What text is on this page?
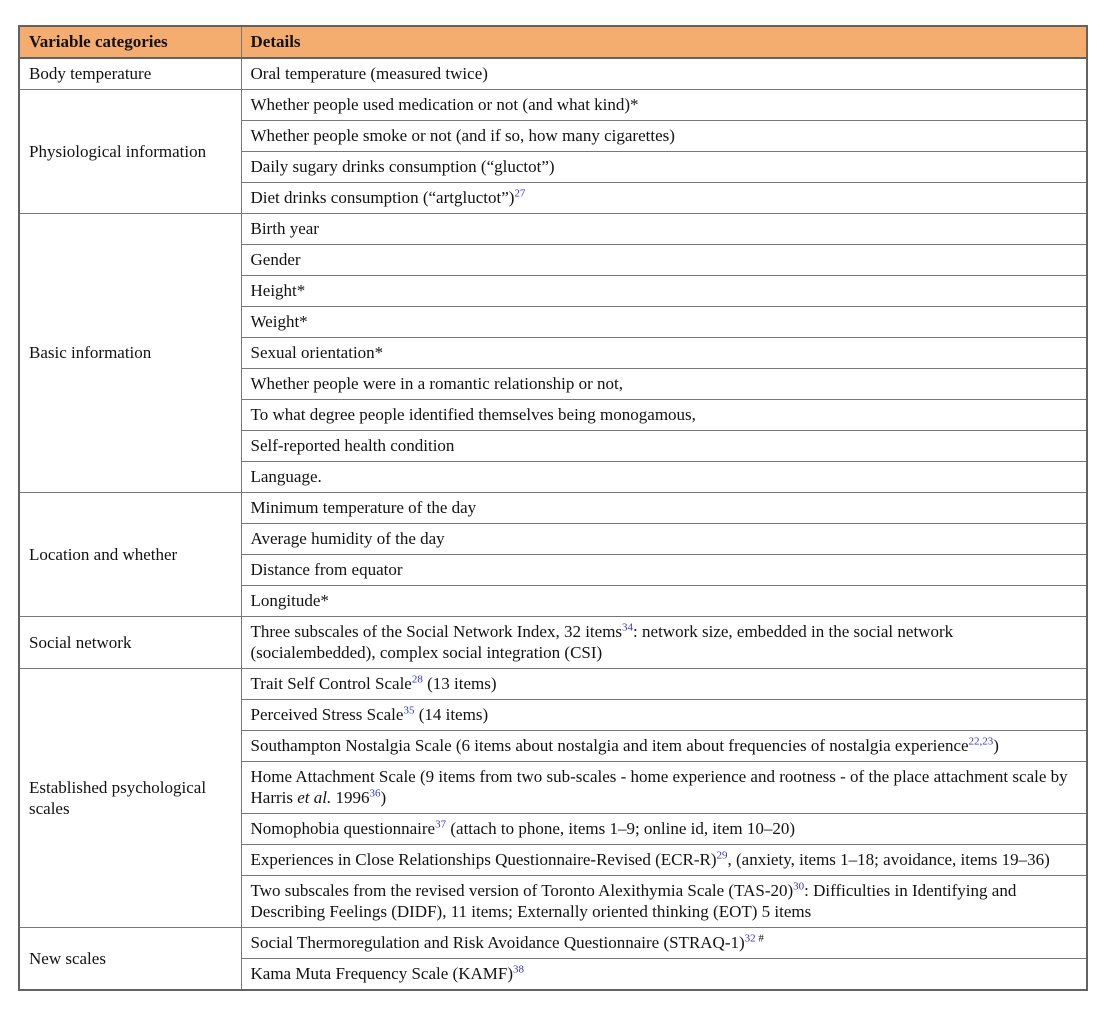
Variable categories	Details
Body temperature	Oral temperature (measured twice)
Physiological information	Whether people used medication or not (and what kind)*
	Whether people smoke or not (and if so, how many cigarettes)
	Daily sugary drinks consumption (“gluctot”)
	Diet drinks consumption (“artgluctot”)$^{27}$
Basic information	Birth year
	Gender
	Height*
	Weight*
	Sexual orientation*
	Whether people were in a romantic relationship or not,
	To what degree people identified themselves being monogamous,
	Self-reported health condition
	Language.
Location and whether	Minimum temperature of the day
	Average humidity of the day
	Distance from equator
	Longitude*
Social network	Three subscales of the Social Network Index, 32 items$^{34}$: network size, embedded in the social network (socialembedded), complex social integration (CSI)
Established psychological scales	Trait Self Control Scale$^{28}$ (13 items)
	Perceived Stress Scale$^{35}$ (14 items)
	Southampton Nostalgia Scale (6 items about nostalgia and item about frequencies of nostalgia experience$^{22,23}$)
	Home Attachment Scale (9 items from two sub-scales - home experience and rootness - of the place attachment scale by Harris et al. 1996$^{36}$)
	Nomophobia questionnaire$^{37}$ (attach to phone, items 1–9; online id, item 10–20)
	Experiences in Close Relationships Questionnaire-Revised (ECR-R)$^{29}$, (anxiety, items 1–18; avoidance, items 19–36)
	Two subscales from the revised version of Toronto Alexithymia Scale (TAS-20)$^{30}$: Difficulties in Identifying and Describing Feelings (DIDF), 11 items; Externally oriented thinking (EOT) 5 items
New scales	Social Thermoregulation and Risk Avoidance Questionnaire (STRAQ-1)$^{32}$ #
	Kama Muta Frequency Scale (KAMF)$^{38}$
